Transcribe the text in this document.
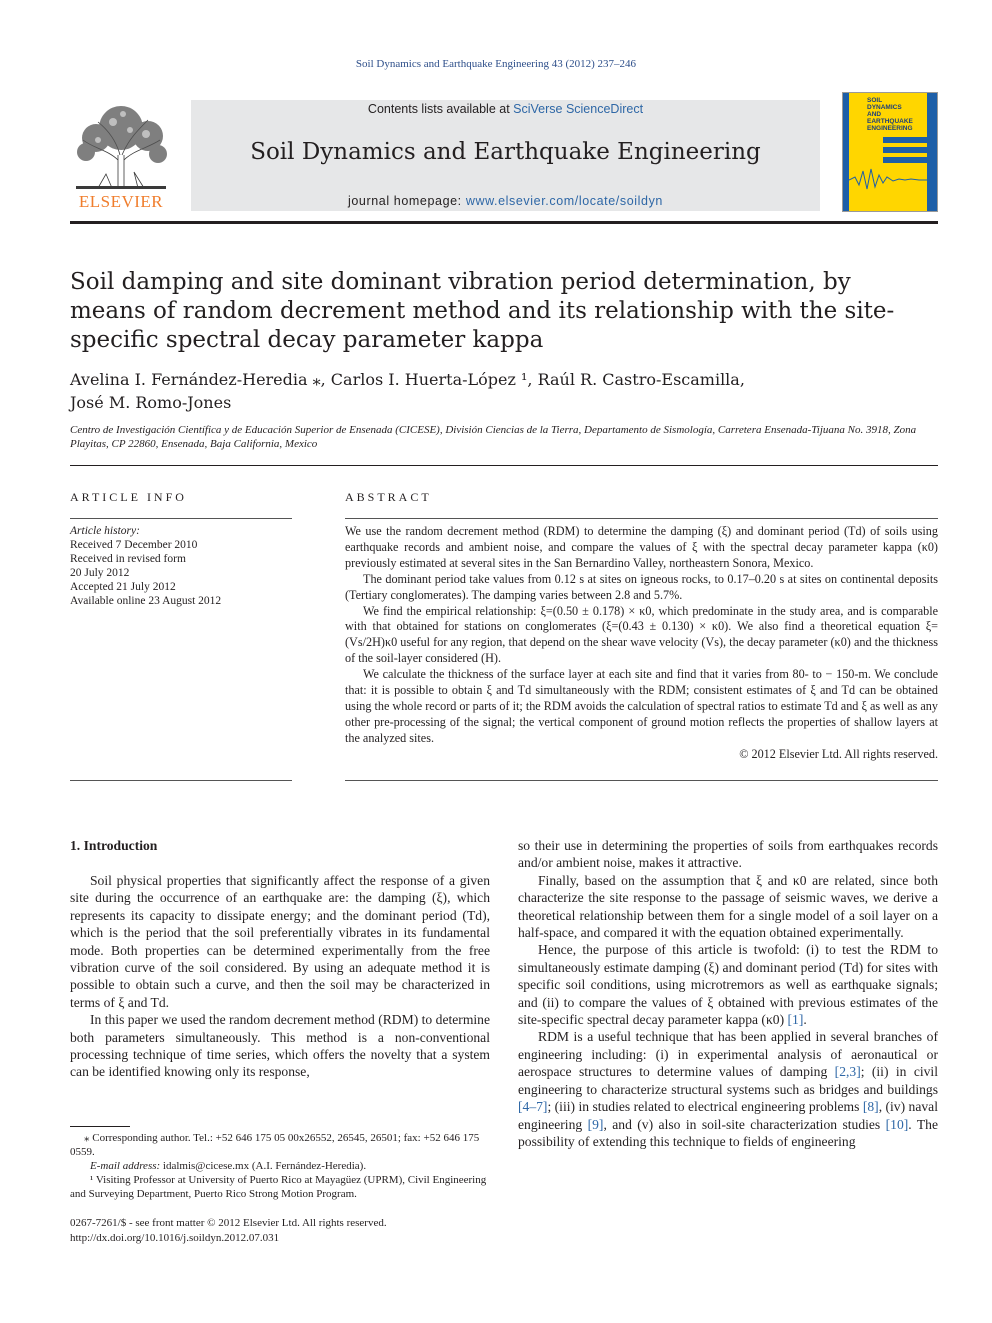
Soil Dynamics and Earthquake Engineering 43 (2012) 237–246
ELSEVIER
Contents lists available at SciVerse ScienceDirect
Soil Dynamics and Earthquake Engineering
journal homepage: www.elsevier.com/locate/soildyn
SOIL
DYNAMICS
AND
EARTHQUAKE
ENGINEERING
Soil damping and site dominant vibration period determination, by means of random decrement method and its relationship with the site-specific spectral decay parameter kappa
Avelina I. Fernández-Heredia ⁎, Carlos I. Huerta-López ¹, Raúl R. Castro-Escamilla,
José M. Romo-Jones
Centro de Investigación Científica y de Educación Superior de Ensenada (CICESE), División Ciencias de la Tierra, Departamento de Sismología, Carretera Ensenada-Tijuana No. 3918, Zona Playitas, CP 22860, Ensenada, Baja California, Mexico
ARTICLE INFO
Article history:
Received 7 December 2010
Received in revised form
20 July 2012
Accepted 21 July 2012
Available online 23 August 2012
ABSTRACT

We use the random decrement method (RDM) to determine the damping (ξ) and dominant period (Td) of soils using earthquake records and ambient noise, and compare the values of ξ with the spectral decay parameter kappa (κ0) previously estimated at several sites in the San Bernardino Valley, northeastern Sonora, Mexico.

The dominant period take values from 0.12 s at sites on igneous rocks, to 0.17–0.20 s at sites on continental deposits (Tertiary conglomerates). The damping varies between 2.8 and 5.7%.

We find the empirical relationship: ξ=(0.50 ± 0.178) × κ0, which predominate in the study area, and is comparable with that obtained for stations on conglomerates (ξ=(0.43 ± 0.130) × κ0). We also find a theoretical equation ξ=(Vs/2H)κ0 useful for any region, that depend on the shear wave velocity (Vs), the decay parameter (κ0) and the thickness of the soil-layer considered (H).

We calculate the thickness of the surface layer at each site and find that it varies from 80- to − 150-m. We conclude that: it is possible to obtain ξ and Td simultaneously with the RDM; consistent estimates of ξ and Td can be obtained using the whole record or parts of it; the RDM avoids the calculation of spectral ratios to estimate Td and ξ as well as any other pre-processing of the signal; the vertical component of ground motion reflects the properties of shallow layers at the analyzed sites.

© 2012 Elsevier Ltd. All rights reserved.
1. Introduction

Soil physical properties that significantly affect the response of a given site during the occurrence of an earthquake are: the damping (ξ), which represents its capacity to dissipate energy; and the dominant period (Td), which is the period that the soil preferentially vibrates in its fundamental mode. Both properties can be determined experimentally from the free vibration curve of the soil considered. By using an adequate method it is possible to obtain such a curve, and then the soil may be characterized in terms of ξ and Td.

In this paper we used the random decrement method (RDM) to determine both parameters simultaneously. This method is a non-conventional processing technique of time series, which offers the novelty that a system can be identified knowing only its response,

so their use in determining the properties of soils from earthquakes records and/or ambient noise, makes it attractive.

Finally, based on the assumption that ξ and κ0 are related, since both characterize the site response to the passage of seismic waves, we derive a theoretical relationship between them for a single model of a soil layer on a half-space, and compared it with the equation obtained experimentally.

Hence, the purpose of this article is twofold: (i) to test the RDM to simultaneously estimate damping (ξ) and dominant period (Td) for sites with specific soil conditions, using microtremors as well as earthquake signals; and (ii) to compare the values of ξ obtained with previous estimates of the site-specific spectral decay parameter kappa (κ0) [1].

RDM is a useful technique that has been applied in several branches of engineering including: (i) in experimental analysis of aeronautical or aerospace structures to determine values of damping [2,3]; (ii) in civil engineering to characterize structural systems such as bridges and buildings [4–7]; (iii) in studies related to electrical engineering problems [8], (iv) naval engineering [9], and (v) also in soil-site characterization studies [10]. The possibility of extending this technique to fields of engineering

⁎ Corresponding author. Tel.: +52 646 175 05 00x26552, 26545, 26501; fax: +52 646 175 0559.
E-mail address: idalmis@cicese.mx (A.I. Fernández-Heredia).
¹ Visiting Professor at University of Puerto Rico at Mayagüez (UPRM), Civil Engineering and Surveying Department, Puerto Rico Strong Motion Program.
0267-7261/$ - see front matter © 2012 Elsevier Ltd. All rights reserved.
http://dx.doi.org/10.1016/j.soildyn.2012.07.031
